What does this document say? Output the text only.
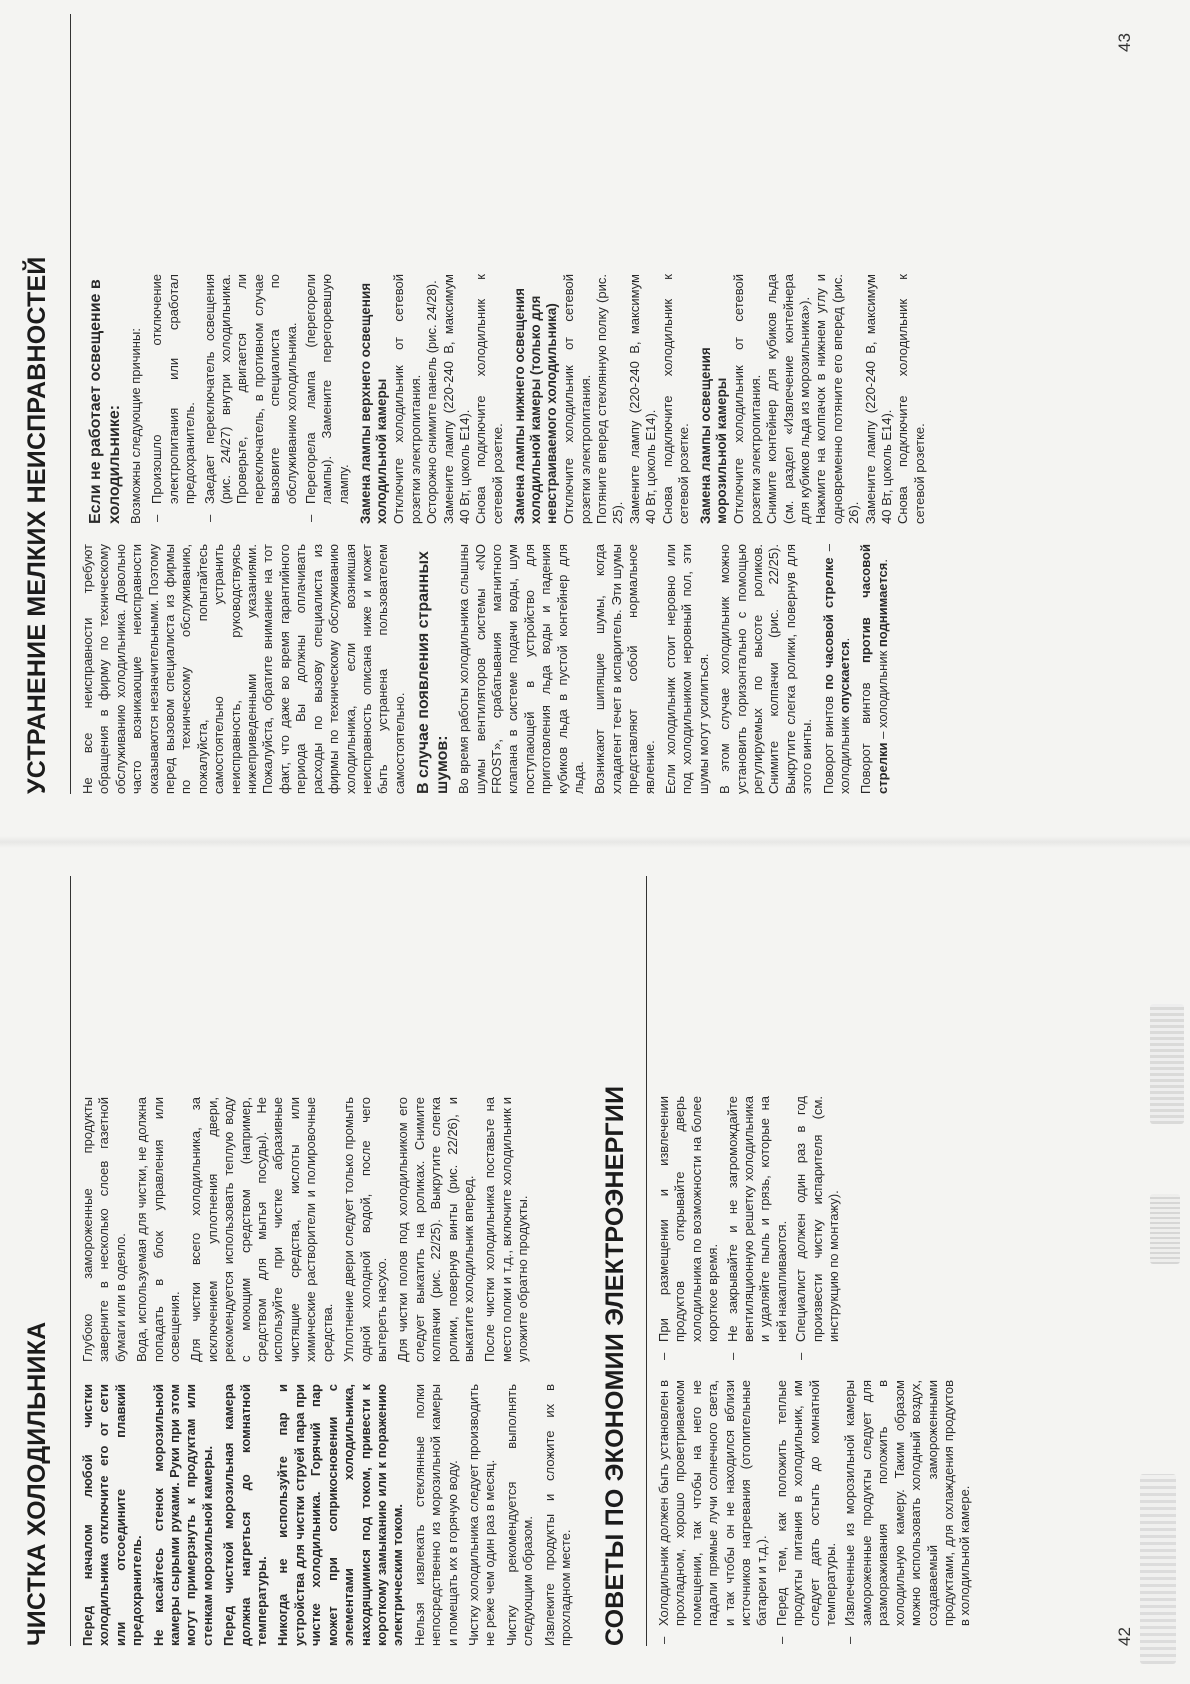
ЧИСТКА ХОЛОДИЛЬНИКА Перед началом любой чистки холодильника отключите его от сети или отсоедините плавкий предохранитель. Не касайтесь стенок морозильной камеры сырыми руками. Руки при этом могут примерзнуть к продуктам или стенкам морозильной камеры. Перед чисткой морозильная камера должна нагреться до комнатной температуры. Никогда не используйте пар и устройства для чистки струей пара при чистке холодильника. Горячий пар может при соприкосновении с элементами холодильника, находящимися под током, привести к короткому замыканию или к поражению электрическим током. Нельзя извлекать стеклянные полки непосредственно из морозильной камеры и помещать их в горячую воду. Чистку холодильника следует производить не реже чем один раз в месяц. Чистку рекомендуется выполнять следующим образом. Извлеките продукты и сложите их в прохладном месте.

Глубоко замороженные продукты заверните в несколько слоев газетной бумаги или в одеяло. Вода, используемая для чистки, не должна попадать в блок управления или освещения. Для чистки всего холодильника, за исключением уплотнения двери, рекомендуется использовать теплую воду с моющим средством (например, средством для мытья посуды). Не используйте при чистке абразивные чистящие средства, кислоты или химические растворители и полировочные средства. Уплотнение двери следует только промыть одной холодной водой, после чего вытереть насухо. Для чистки полов под холодильником его следует выкатить на роликах. Снимите колпачки (рис. 22/25). Выкрутите слегка ролики, повернув винты (рис. 22/26), и выкатите холодильник вперед. После чистки холодильника поставьте на место полки и т.д., включите холодильник и уложите обратно продукты.	СОВЕТЫ ПО ЭКОНОМИИ ЭЛЕКТРОЭНЕРГИИ – Холодильник должен быть установлен в прохладном, хорошо проветриваемом помещении, так чтобы на него не падали прямые лучи солнечного света, и так чтобы он не находился вблизи источников нагревания (отопительные батареи и т.д.). – Перед тем, как положить теплые продукты питания в холодильник, им следует дать остыть до комнатной температуры. – Извлеченные из морозильной камеры замороженные продукты следует для размораживания положить в холодильную камеру. Таким образом можно использовать холодный воздух, создаваемый замороженными продуктами, для охлаждения продуктов в холодильной камере.
– При размещении и извлечении продуктов открывайте дверь холодильника по возможности на более короткое время. – Не закрывайте и не загромождайте вентиляционную решетку холодильника и удаляйте пыль и грязь, которые на ней накапливаются. – Специалист должен один раз в год произвести чистку испарителя (см. инструкцию по монтажу).
42
УСТРАНЕНИЕ МЕЛКИХ НЕИСПРАВНОСТЕЙ Не все неисправности требуют обращения в фирму по техническому обслуживанию холодильника. Довольно часто возникающие неисправности оказываются незначительными. Поэтому перед вызовом специалиста из фирмы по техническому обслуживанию, пожалуйста, попытайтесь самостоятельно устранить неисправность, руководствуясь нижеприведенными указаниями. Пожалуйста, обратите внимание на тот факт, что даже во время гарантийного периода Вы должны оплачивать расходы по вызову специалиста из фирмы по техническому обслуживанию холодильника, если возникшая неисправность описана ниже и может быть устранена пользователем самостоятельно. В случае появления странных шумов: Во время работы холодильника слышны шумы вентиляторов системы «NO FROST», срабатывания магнитного клапана в системе подачи воды, шум поступающей в устройство для приготовления льда воды и падения кубиков льда в пустой контейнер для льда. Возникают шипящие шумы, когда хладагент течет в испаритель. Эти шумы представляют собой нормальное явление. Если холодильник стоит неровно или под холодильником неровный пол, эти шумы могут усилиться. В этом случае холодильник можно установить горизонтально с помощью регулируемых по высоте роликов. Снимите колпачки (рис. 22/25). Выкрутите слегка ролики, повернув для этого винты. Поворот винтов по часовой стрелке – холодильник опускается.

Поворот винтов против часовой стрелки – холодильник поднимается.

Если не работает освещение в холодильнике: Возможны следующие причины: – Произошло отключение электропитания или сработал предохранитель. – Заедает переключатель освещения (рис. 24/27) внутри холодильника. Проверьте, двигается ли переключатель, в противном случае вызовите специалиста по обслуживанию холодильника. – Перегорела лампа (перегорели лампы). Замените перегоревшую лампу. Замена лампы верхнего освещения холодильной камеры Отключите холодильник от сетевой розетки электропитания. Осторожно снимите панель (рис. 24/28). Замените лампу (220-240 В, максимум 40 Вт, цоколь E14). Снова подключите холодильник к сетевой розетке. Замена лампы нижнего освещения холодильной камеры (только для невстраиваемого холодильника) Отключите холодильник от сетевой розетки электропитания. Потяните вперед стеклянную полку (рис. 25). Замените лампу (220-240 В, максимум 40 Вт, цоколь E14). Снова подключите холодильник к сетевой розетке. Замена лампы освещения морозильной камеры Отключите холодильник от сетевой розетки электропитания. Снимите контейнер для кубиков льда (см. раздел «Извлечение контейнера для кубиков льда из морозильника»). Нажмите на колпачок в нижнем углу и одновременно потяните его вперед (рис. 26). Замените лампу (220-240 В, максимум 40 Вт, цоколь E14). Снова подключите холодильник к сетевой розетке.

43
